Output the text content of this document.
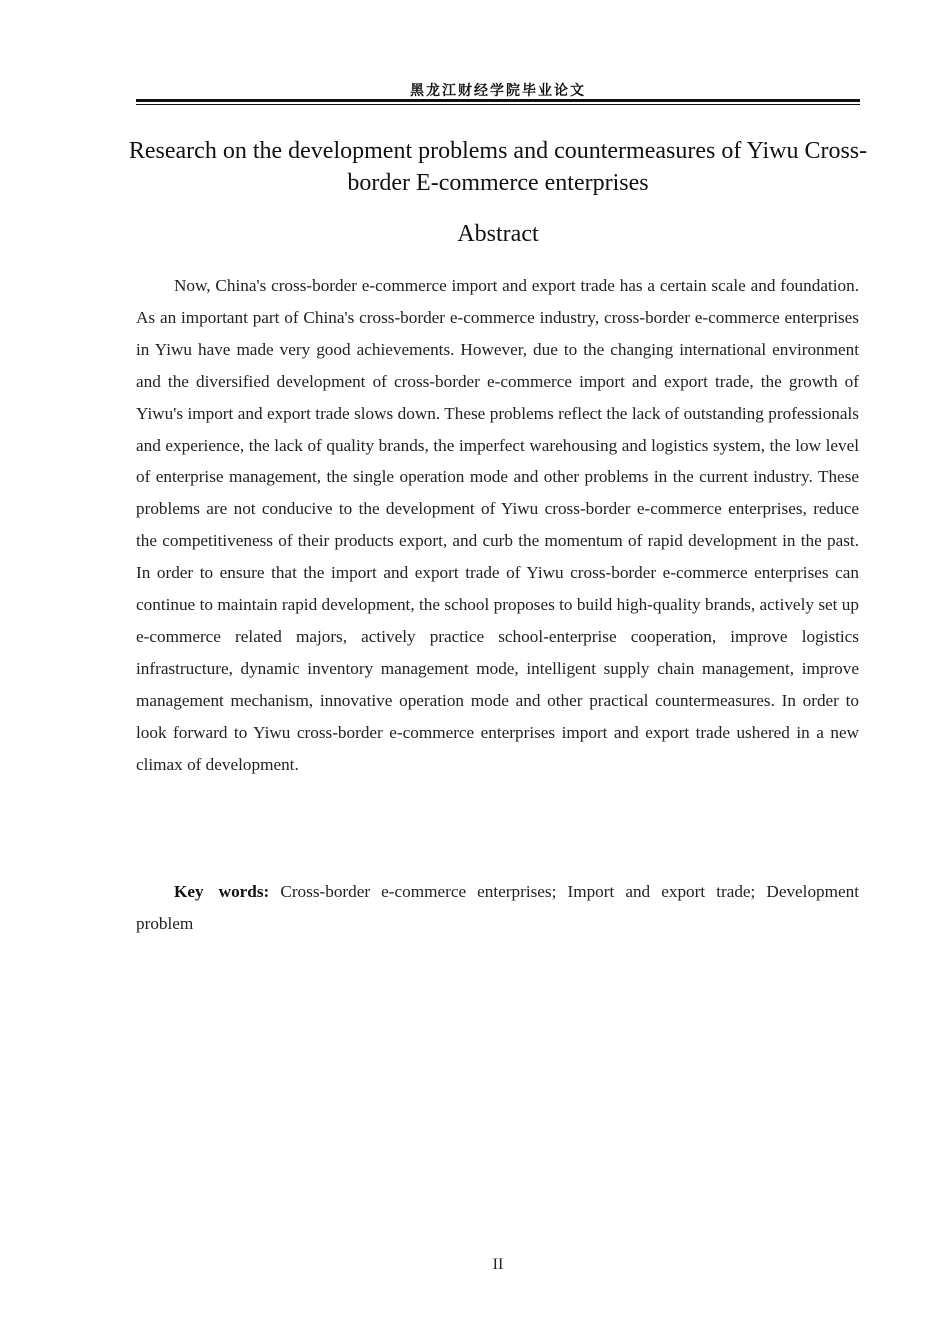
黑龙江财经学院毕业论文
Research on the development problems and countermeasures of Yiwu Cross-border E-commerce enterprises
Abstract

Now, China's cross-border e-commerce import and export trade has a certain scale and foundation. As an important part of China's cross-border e-commerce industry, cross-border e-commerce enterprises in Yiwu have made very good achievements. However, due to the changing international environment and the diversified development of cross-border e-commerce import and export trade, the growth of Yiwu's import and export trade slows down. These problems reflect the lack of outstanding professionals and experience, the lack of quality brands, the imperfect warehousing and logistics system, the low level of enterprise management, the single operation mode and other problems in the current industry. These problems are not conducive to the development of Yiwu cross-border e-commerce enterprises, reduce the competitiveness of their products export, and curb the momentum of rapid development in the past. In order to ensure that the import and export trade of Yiwu cross-border e-commerce enterprises can continue to maintain rapid development, the school proposes to build high-quality brands, actively set up e-commerce related majors, actively practice school-enterprise cooperation, improve logistics infrastructure, dynamic inventory management mode, intelligent supply chain management, improve management mechanism, innovative operation mode and other practical countermeasures. In order to look forward to Yiwu cross-border e-commerce enterprises import and export trade ushered in a new climax of development.

Key words: Cross-border e-commerce enterprises; Import and export trade; Development problem

II
